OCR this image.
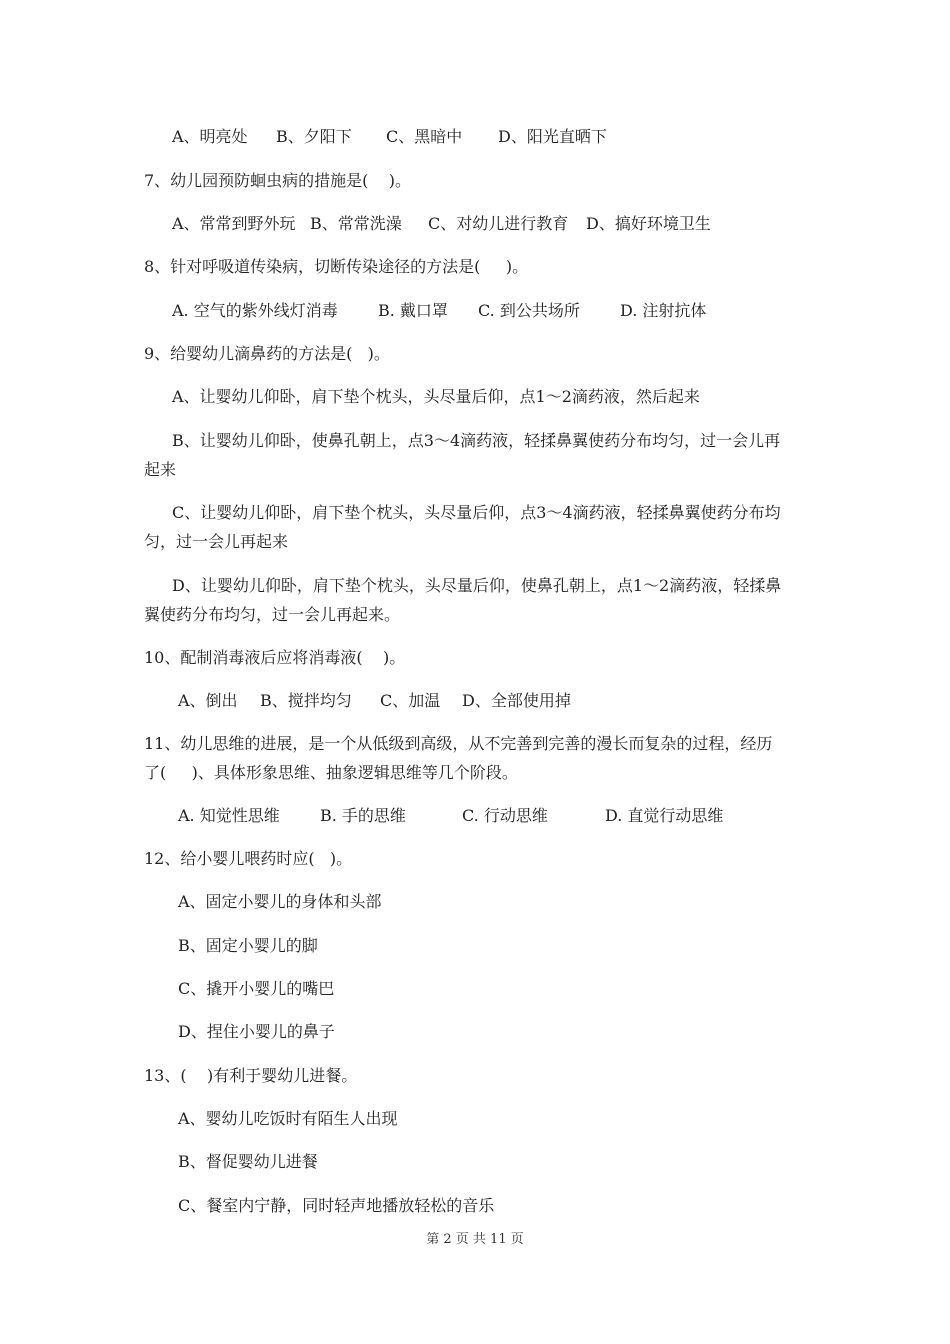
A、明亮处	B、夕阳下	C、黑暗中	D、阳光直晒下
7、幼儿园预防蛔虫病的措施是(    )。
A、常常到野外玩 B、常常洗澡	C、对幼儿进行教育	D、搞好环境卫生
8、针对呼吸道传染病，切断传染途径的方法是(     )。
A. 空气的紫外线灯消毒	B. 戴口罩	C. 到公共场所	D. 注射抗体
9、给婴幼儿滴鼻药的方法是(   )。
A、让婴幼儿仰卧，肩下垫个枕头，头尽量后仰，点1～2滴药液，然后起来
B、让婴幼儿仰卧，使鼻孔朝上，点3～4滴药液，轻揉鼻翼使药分布均匀，过一会儿再
起来
C、让婴幼儿仰卧，肩下垫个枕头，头尽量后仰，点3～4滴药液，轻揉鼻翼使药分布均
匀，过一会儿再起来
D、让婴幼儿仰卧，肩下垫个枕头，头尽量后仰，使鼻孔朝上，点1～2滴药液，轻揉鼻
翼使药分布均匀，过一会儿再起来。
10、配制消毒液后应将消毒液(    )。
A、倒出	B、搅拌均匀	C、加温	D、全部使用掉
11、幼儿思维的进展，是一个从低级到高级，从不完善到完善的漫长而复杂的过程，经历
了(     )、具体形象思维、抽象逻辑思维等几个阶段。
A. 知觉性思维	B. 手的思维	C. 行动思维	D. 直觉行动思维
12、给小婴儿喂药时应(   )。
A、固定小婴儿的身体和头部
B、固定小婴儿的脚
C、撬开小婴儿的嘴巴
D、捏住小婴儿的鼻子
13、(    )有利于婴幼儿进餐。
A、婴幼儿吃饭时有陌生人出现
B、督促婴幼儿进餐
C、餐室内宁静，同时轻声地播放轻松的音乐
第 2 页 共 11 页
